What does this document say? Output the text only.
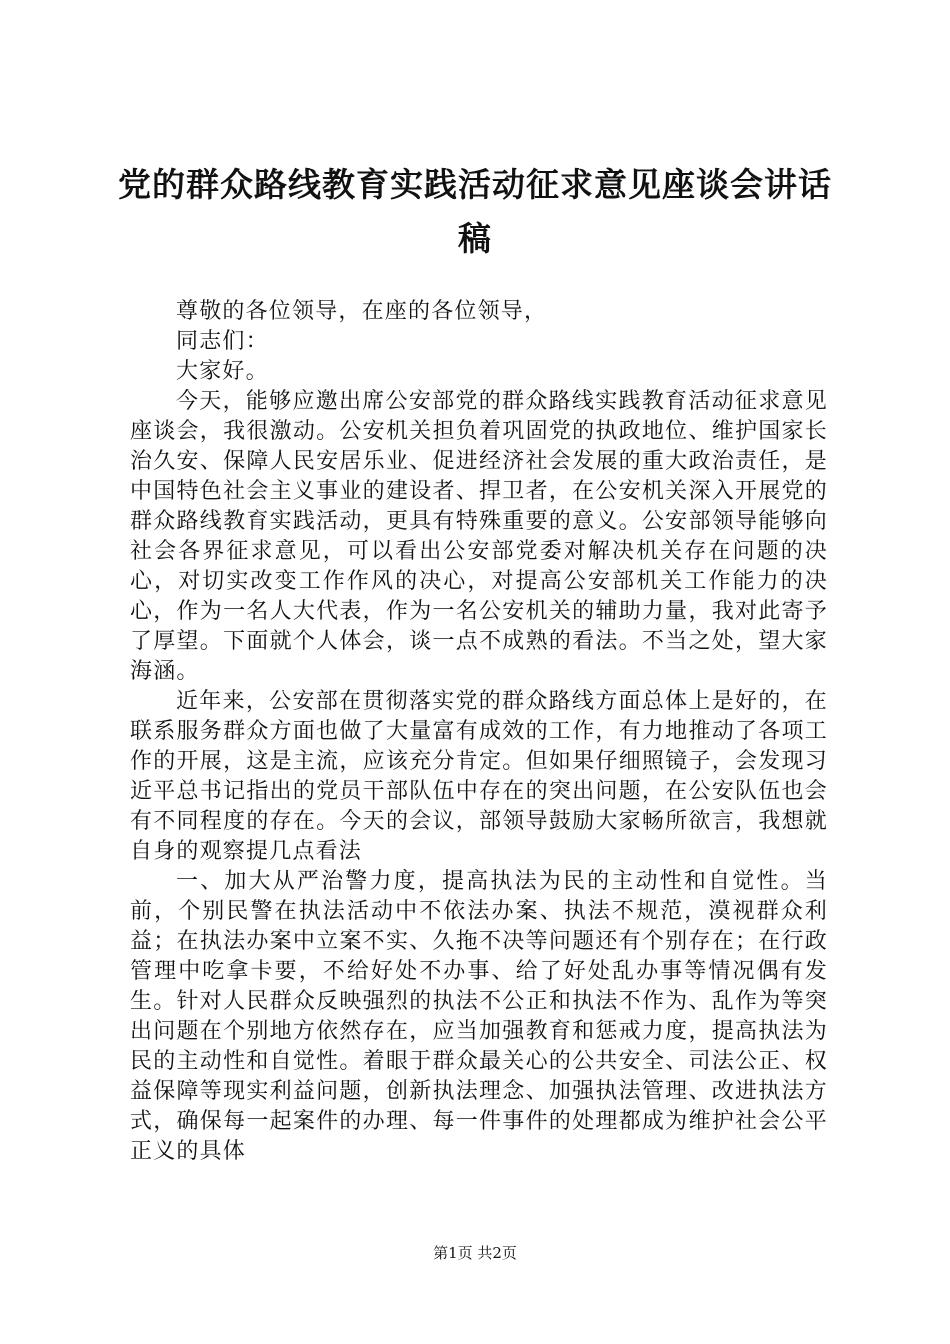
党的群众路线教育实践活动征求意见座谈会讲话稿

尊敬的各位领导，在座的各位领导，

同志们：

大家好。

今天，能够应邀出席公安部党的群众路线实践教育活动征求意见座谈会，我很激动。公安机关担负着巩固党的执政地位、维护国家长治久安、保障人民安居乐业、促进经济社会发展的重大政治责任，是中国特色社会主义事业的建设者、捍卫者，在公安机关深入开展党的群众路线教育实践活动，更具有特殊重要的意义。公安部领导能够向社会各界征求意见，可以看出公安部党委对解决机关存在问题的决心，对切实改变工作作风的决心，对提高公安部机关工作能力的决心，作为一名人大代表，作为一名公安机关的辅助力量，我对此寄予了厚望。下面就个人体会，谈一点不成熟的看法。不当之处，望大家海涵。

近年来，公安部在贯彻落实党的群众路线方面总体上是好的，在联系服务群众方面也做了大量富有成效的工作，有力地推动了各项工作的开展，这是主流，应该充分肯定。但如果仔细照镜子，会发现习近平总书记指出的党员干部队伍中存在的突出问题，在公安队伍也会有不同程度的存在。今天的会议，部领导鼓励大家畅所欲言，我想就自身的观察提几点看法

一、加大从严治警力度，提高执法为民的主动性和自觉性。当前，个别民警在执法活动中不依法办案、执法不规范，漠视群众利益；在执法办案中立案不实、久拖不决等问题还有个别存在；在行政管理中吃拿卡要，不给好处不办事、给了好处乱办事等情况偶有发生。针对人民群众反映强烈的执法不公正和执法不作为、乱作为等突出问题在个别地方依然存在，应当加强教育和惩戒力度，提高执法为民的主动性和自觉性。着眼于群众最关心的公共安全、司法公正、权益保障等现实利益问题，创新执法理念、加强执法管理、改进执法方式，确保每一起案件的办理、每一件事件的处理都成为维护社会公平正义的具体

第1页 共2页
